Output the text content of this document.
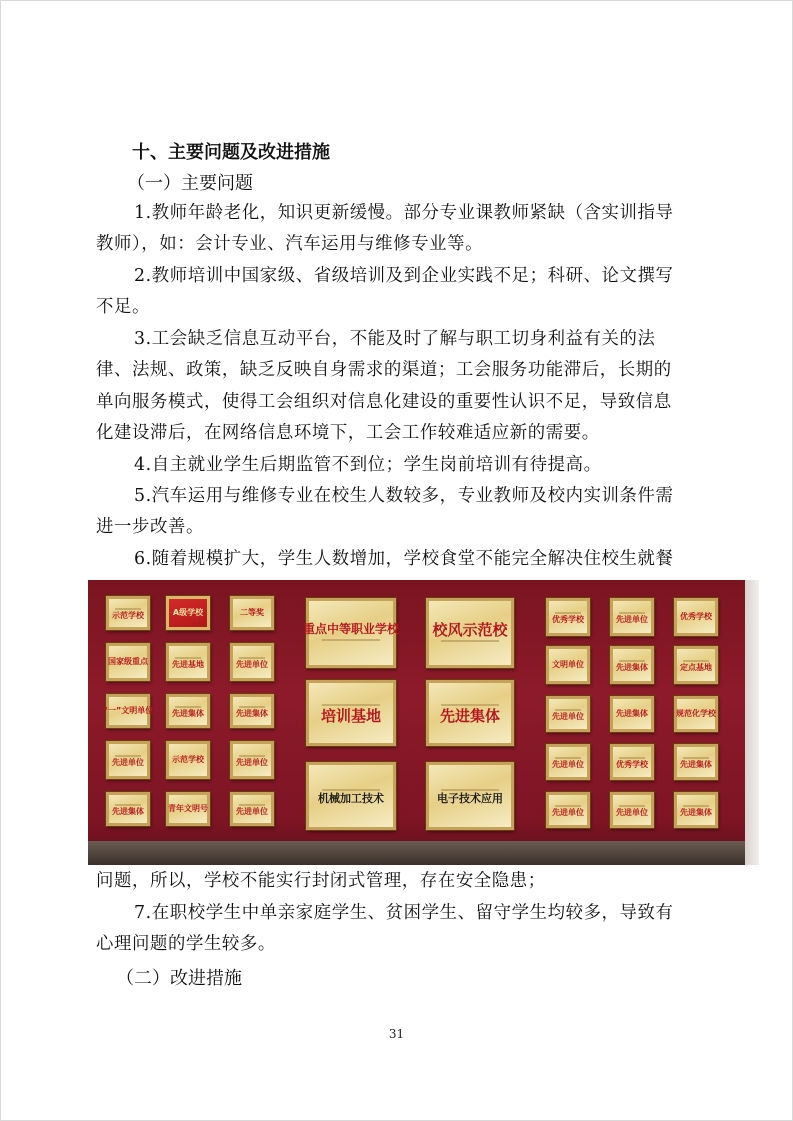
十、主要问题及改进措施
（一）主要问题
1.教师年龄老化，知识更新缓慢。部分专业课教师紧缺（含实训指导
教师），如：会计专业、汽车运用与维修专业等。
2.教师培训中国家级、省级培训及到企业实践不足；科研、论文撰写
不足。
3.工会缺乏信息互动平台，不能及时了解与职工切身利益有关的法
律、法规、政策，缺乏反映自身需求的渠道；工会服务功能滞后，长期的
单向服务模式，使得工会组织对信息化建设的重要性认识不足，导致信息
化建设滞后，在网络信息环境下，工会工作较难适应新的需要。
4.自主就业学生后期监管不到位；学生岗前培训有待提高。
5.汽车运用与维修专业在校生人数较多，专业教师及校内实训条件需
进一步改善。
6.随着规模扩大，学生人数增加，学校食堂不能完全解决住校生就餐
示范学校	A级学校	二等奖
国家级重点	先进基地	先进单位
“一”文明单位 先进集体	先进集体
先进单位	示范学校	先进单位
先进集体	青年文明号	先进单位
重点中等职业学校 校风示范校
培训基地	先进集体
机械加工技术	电子技术应用
优秀学校	先进单位	优秀学校
文明单位	先进集体	定点基地
先进单位	先进集体	规范化学校
先进单位	优秀学校	先进集体
先进单位	先进单位	先进集体
问题，所以，学校不能实行封闭式管理，存在安全隐患；
7.在职校学生中单亲家庭学生、贫困学生、留守学生均较多，导致有
心理问题的学生较多。
（二）改进措施
31
